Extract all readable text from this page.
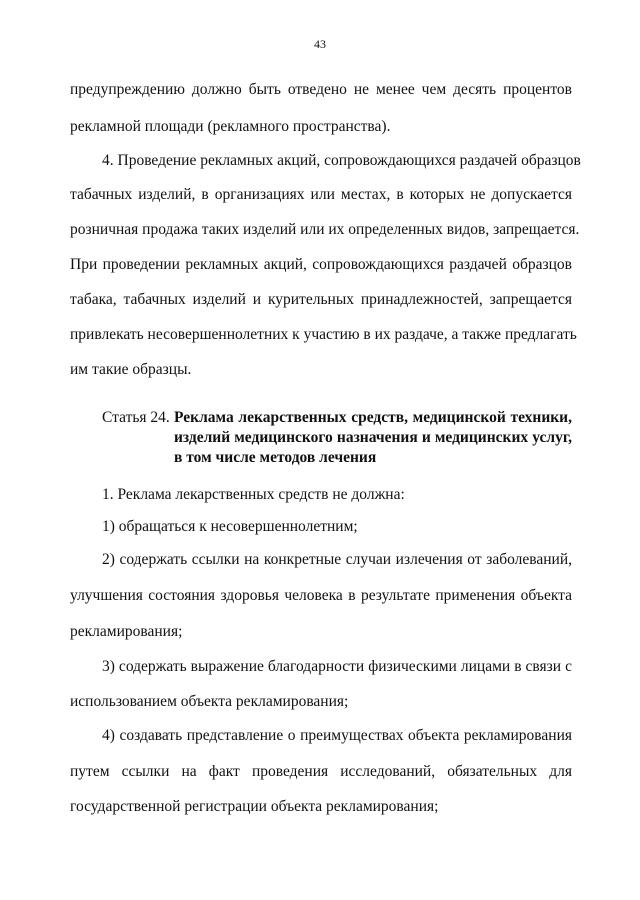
43
предупреждению должно быть отведено не менее чем десять процентов
рекламной площади (рекламного пространства).
4. Проведение рекламных акций, сопровождающихся раздачей образцов
табачных изделий, в организациях или местах, в которых не допускается
розничная продажа таких изделий или их определенных видов, запрещается.
При проведении рекламных акций, сопровождающихся раздачей образцов
табака, табачных изделий и курительных принадлежностей, запрещается
привлекать несовершеннолетних к участию в их раздаче, а также предлагать
им такие образцы.
Статья 24. Реклама лекарственных средств, медицинской техники,
изделий медицинского назначения и медицинских услуг,
в том числе методов лечения
1. Реклама лекарственных средств не должна:
1) обращаться к несовершеннолетним;
2) содержать ссылки на конкретные случаи излечения от заболеваний,
улучшения состояния здоровья человека в результате применения объекта
рекламирования;
3) содержать выражение благодарности физическими лицами в связи с
использованием объекта рекламирования;
4) создавать представление о преимуществах объекта рекламирования
путем ссылки на факт проведения исследований, обязательных для
государственной регистрации объекта рекламирования;
